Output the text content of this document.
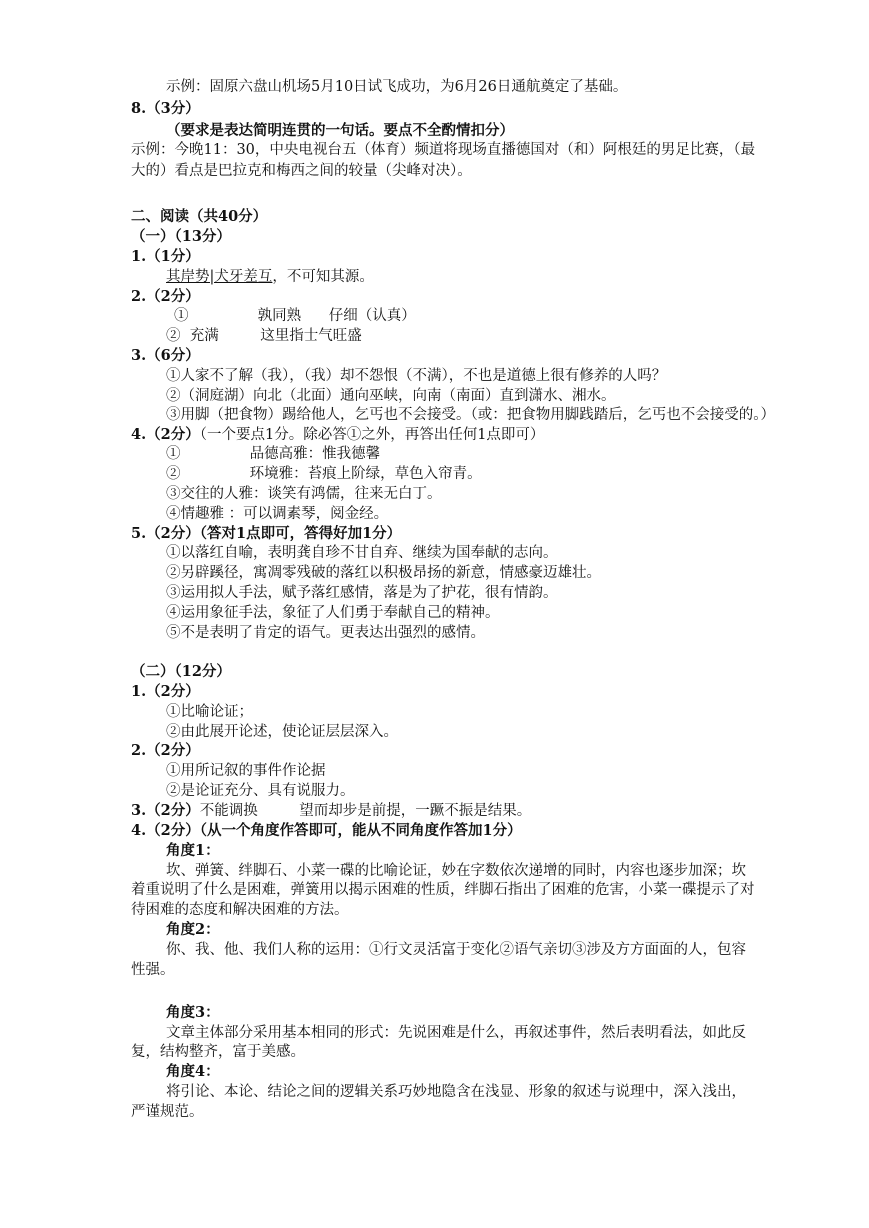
示例：固原六盘山机场5月10日试飞成功，为6月26日通航奠定了基础。
8.（3分）
（要求是表达简明连贯的一句话。要点不全酌情扣分）
示例：今晚11：30，中央电视台五（体育）频道将现场直播德国对（和）阿根廷的男足比赛，（最
大的）看点是巴拉克和梅西之间的较量（尖峰对决）。
二、阅读（共40分）
（一）（13分）
1.（1分）
其岸势|犬牙差互，不可知其源。
2.（2分）
①               孰同熟      仔细（认真）
②  充满         这里指士气旺盛
3.（6分）
①人家不了解（我），（我）却不怨恨（不满），不也是道德上很有修养的人吗？
②（洞庭湖）向北（北面）通向巫峡，向南（南面）直到潇水、湘水。
③用脚（把食物）踢给他人，乞丐也不会接受。（或：把食物用脚践踏后，乞丐也不会接受的。）
4.（2分）（一个要点1分。除必答①之外，再答出任何1点即可）
①               品德高雅：惟我德馨
②               环境雅：苔痕上阶绿，草色入帘青。
③交往的人雅：谈笑有鸿儒，往来无白丁。
④情趣雅 ：可以调素琴，阅金经。
5.（2分）（答对1点即可，答得好加1分）
①以落红自喻，表明龚自珍不甘自弃、继续为国奉献的志向。
②另辟蹊径，寓凋零残破的落红以积极昂扬的新意，情感豪迈雄壮。
③运用拟人手法，赋予落红感情，落是为了护花，很有情韵。
④运用象征手法，象征了人们勇于奉献自己的精神。
⑤不是表明了肯定的语气。更表达出强烈的感情。
（二）（12分）
1.（2分）
①比喻论证；
②由此展开论述，使论证层层深入。
2.（2分）
①用所记叙的事件作论据
②是论证充分、具有说服力。
3.（2分）不能调换         望而却步是前提，一蹶不振是结果。
4.（2分）（从一个角度作答即可，能从不同角度作答加1分）
角度1：
坎、弹簧、绊脚石、小菜一碟的比喻论证，妙在字数依次递增的同时，内容也逐步加深；坎
着重说明了什么是困难，弹簧用以揭示困难的性质，绊脚石指出了困难的危害，小菜一碟提示了对
待困难的态度和解决困难的方法。
角度2：
你、我、他、我们人称的运用：①行文灵活富于变化②语气亲切③涉及方方面面的人，包容
性强。
角度3：
文章主体部分采用基本相同的形式：先说困难是什么，再叙述事件，然后表明看法，如此反
复，结构整齐，富于美感。
角度4：
将引论、本论、结论之间的逻辑关系巧妙地隐含在浅显、形象的叙述与说理中，深入浅出，
严谨规范。
